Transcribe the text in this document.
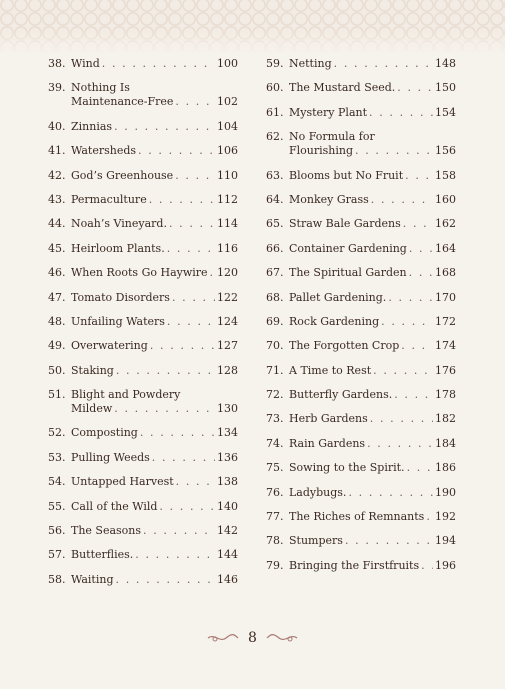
38. Wind . . .	100
39. Nothing Is
Maintenance-Free . . .	102
40. Zinnias . . .	104
41. Watersheds . . .	106
42. God’s Greenhouse . . .	110
43. Permaculture . . .	112
44. Noah’s Vineyard. . . .	114
45. Heirloom Plants. . . .	116
46. When Roots Go Haywire . . . 120
47. Tomato Disorders . . .	122
48. Unfailing Waters . . .	124
49. Overwatering . . .	127
50. Staking . . .	128
51. Blight and Powdery
Mildew . . .	130
52. Composting . . .	134
53. Pulling Weeds . . .	136
54. Untapped Harvest . . .	138
55. Call of the Wild . . .	140
56. The Seasons . . .	142
57. Butterflies. . . .	144
58. Waiting . . .	146
59. Netting . . .	148
60. The Mustard Seed. . . .	150
61. Mystery Plant . . .	154
62. No Formula for
Flourishing . . .	156
63. Blooms but No Fruit . . .	158
64. Monkey Grass . . .	160
65. Straw Bale Gardens . . .	162
66. Container Gardening . . .	164
67. The Spiritual Garden . . .	168
68. Pallet Gardening. . . .	170
69. Rock Gardening . . .	172
70. The Forgotten Crop . . .	174
71. A Time to Rest . . .	176
72. Butterfly Gardens. . . .	178
73. Herb Gardens . . .	182
74. Rain Gardens . . .	184
75. Sowing to the Spirit. . . .	186
76. Ladybugs. . . .	190
77. The Riches of Remnants . . . 192
78. Stumpers . . .	194
79. Bringing the Firstfruits . . . 196
8
